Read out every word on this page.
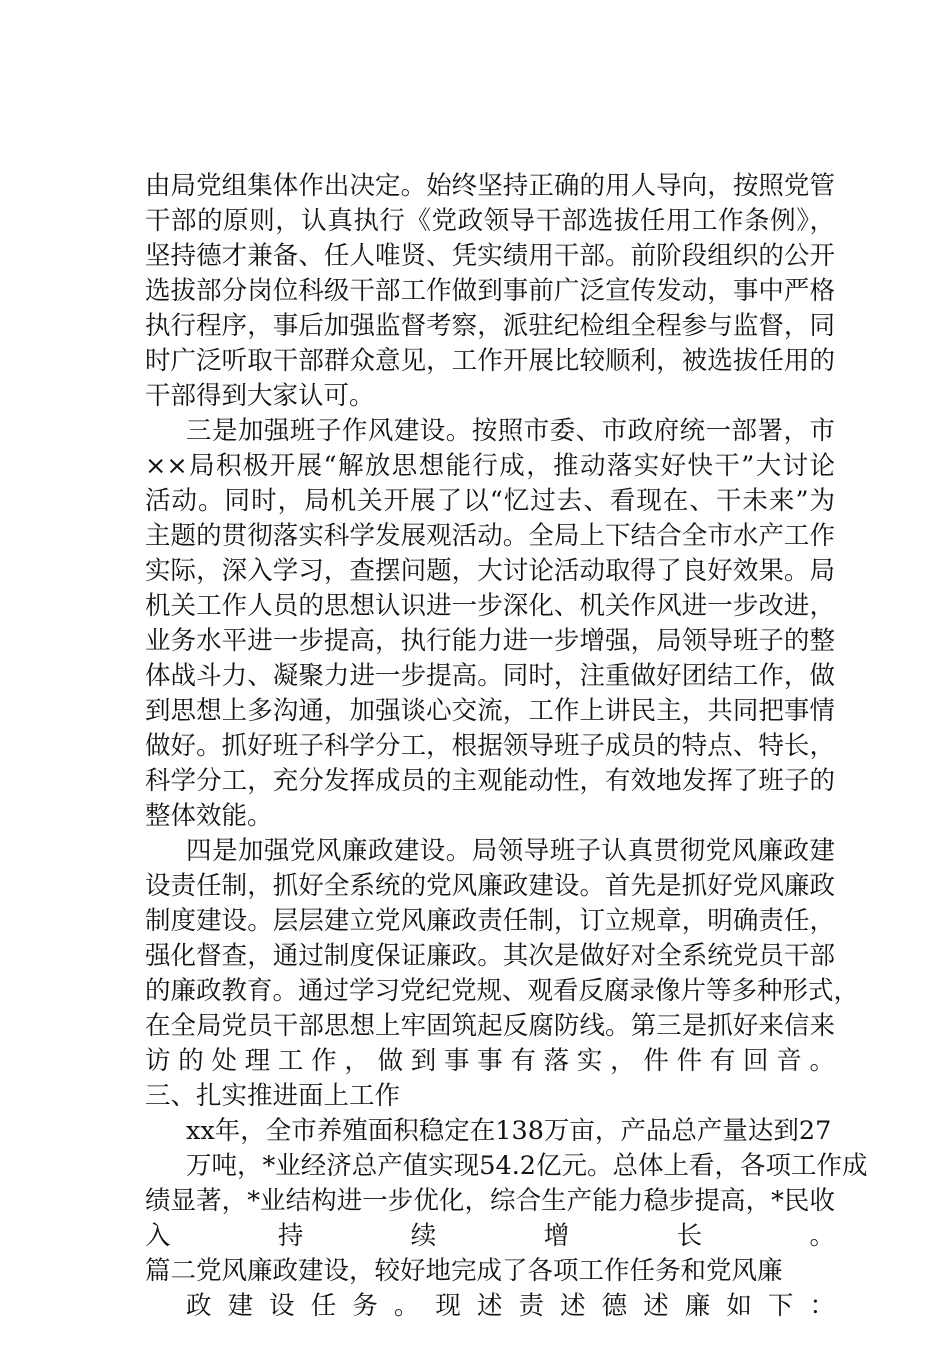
由局党组集体作出决定。始终坚持正确的用人导向，按照党管
干部的原则，认真执行《党政领导干部选拔任用工作条例》，
坚持德才兼备、任人唯贤、凭实绩用干部。前阶段组织的公开
选拔部分岗位科级干部工作做到事前广泛宣传发动，事中严格
执行程序，事后加强监督考察，派驻纪检组全程参与监督，同
时广泛听取干部群众意见，工作开展比较顺利，被选拔任用的
干部得到大家认可。
三是加强班子作风建设。按照市委、市政府统一部署，市
××局积极开展“解放思想能行成，推动落实好快干”大讨论
活动。同时，局机关开展了以“忆过去、看现在、干未来”为
主题的贯彻落实科学发展观活动。全局上下结合全市水产工作
实际，深入学习，查摆问题，大讨论活动取得了良好效果。局
机关工作人员的思想认识进一步深化、机关作风进一步改进，
业务水平进一步提高，执行能力进一步增强，局领导班子的整
体战斗力、凝聚力进一步提高。同时，注重做好团结工作，做
到思想上多沟通，加强谈心交流，工作上讲民主，共同把事情
做好。抓好班子科学分工，根据领导班子成员的特点、特长，
科学分工，充分发挥成员的主观能动性，有效地发挥了班子的
整体效能。
四是加强党风廉政建设。局领导班子认真贯彻党风廉政建
设责任制，抓好全系统的党风廉政建设。首先是抓好党风廉政
制度建设。层层建立党风廉政责任制，订立规章，明确责任，
强化督查，通过制度保证廉政。其次是做好对全系统党员干部
的廉政教育。通过学习党纪党规、观看反腐录像片等多种形式，
在全局党员干部思想上牢固筑起反腐防线。第三是抓好来信来
访的处理工作，做到事事有落实，件件有回音。
三、扎实推进面上工作
xx年，全市养殖面积稳定在138万亩，产品总产量达到27
万吨，*业经济总产值实现54.2亿元。总体上看，各项工作成
绩显著，*业结构进一步优化，综合生产能力稳步提高，*民收
入持续增长。
篇二党风廉政建设，较好地完成了各项工作任务和党风廉
政建设任务。现述责述德述廉如下：
